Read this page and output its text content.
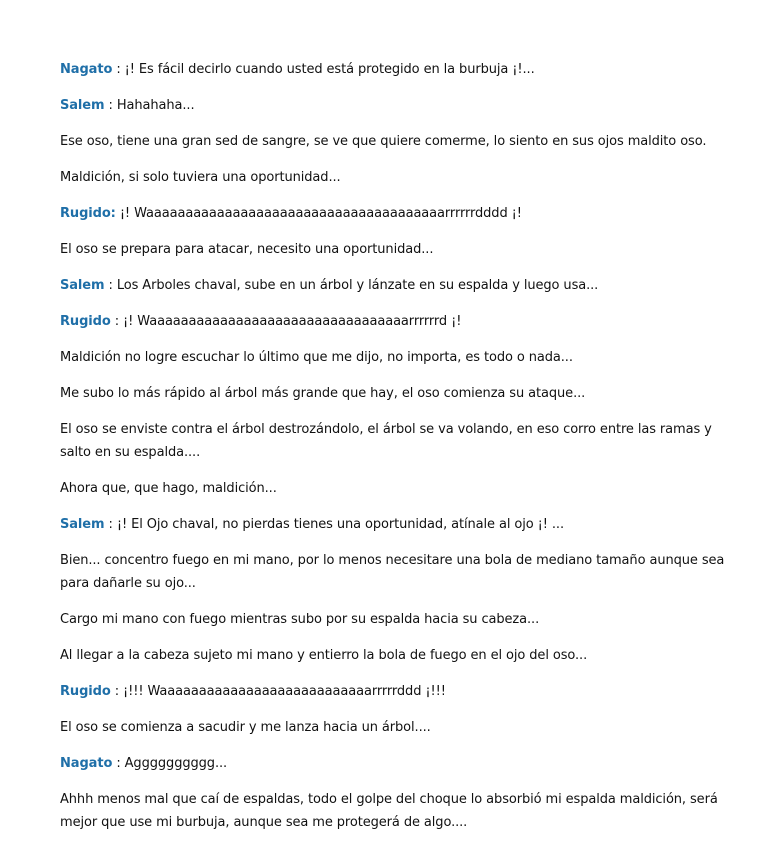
Nagato : ¡! Es fácil decirlo cuando usted está protegido en la burbuja ¡!...

Salem : Hahahaha...

Ese oso, tiene una gran sed de sangre, se ve que quiere comerme, lo siento en sus ojos maldito oso.

Maldición, si solo tuviera una oportunidad...

Rugido: ¡! Waaaaaaaaaaaaaaaaaaaaaaaaaaaaaaaaaaaaaarrrrrrdddd ¡!

El oso se prepara para atacar, necesito una oportunidad...

Salem : Los Arboles chaval, sube en un árbol y lánzate en su espalda y luego usa...

Rugido : ¡! Waaaaaaaaaaaaaaaaaaaaaaaaaaaaaaaaarrrrrrd ¡!

Maldición no logre escuchar lo último que me dijo, no importa, es todo o nada...

Me subo lo más rápido al árbol más grande que hay, el oso comienza su ataque...

El oso se enviste contra el árbol destrozándolo, el árbol se va volando, en eso corro entre las ramas y salto en su espalda....

Ahora que, que hago, maldición...

Salem : ¡! El Ojo chaval, no pierdas tienes una oportunidad, atínale al ojo ¡! ...

Bien... concentro fuego en mi mano, por lo menos necesitare una bola de mediano tamaño aunque sea para dañarle su ojo...

Cargo mi mano con fuego mientras subo por su espalda hacia su cabeza...

Al llegar a la cabeza sujeto mi mano y entierro la bola de fuego en el ojo del oso...

Rugido : ¡!!! Waaaaaaaaaaaaaaaaaaaaaaaaaaarrrrrddd ¡!!!

El oso se comienza a sacudir y me lanza hacia un árbol....

Nagato : Agggggggggg...

Ahhh menos mal que caí de espaldas, todo el golpe del choque lo absorbió mi espalda maldición, será mejor que use mi burbuja, aunque sea me protegerá de algo....
